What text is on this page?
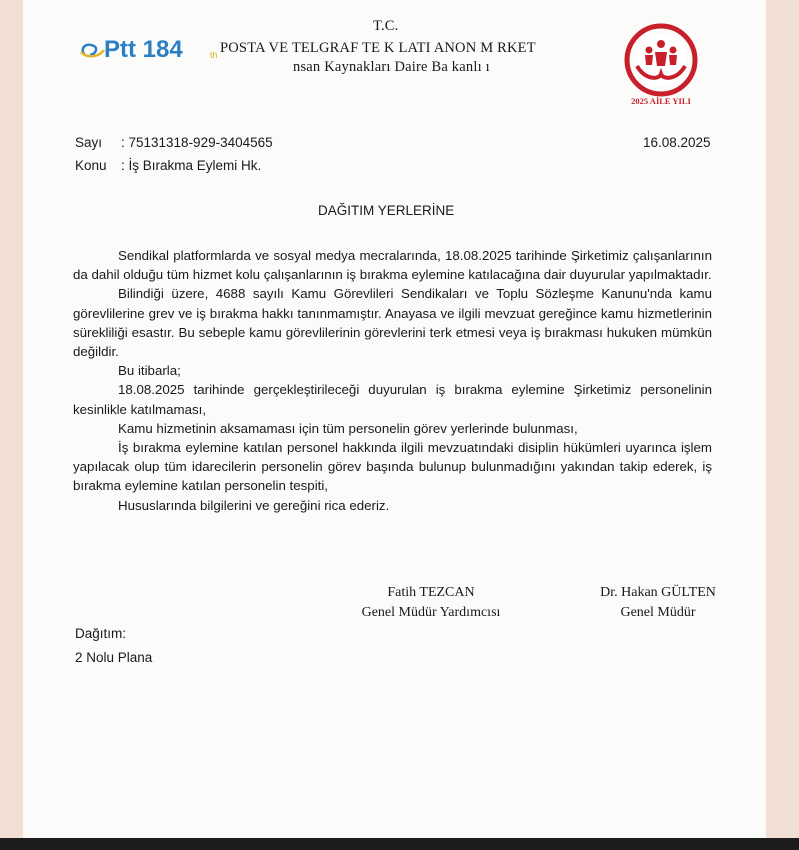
Ptt 184	th
T.C.
POSTA VE TELGRAF TE K LATI ANON M RKET
nsan Kaynakları Daire Ba kanlı ı
2025 AİLE YILI
Sayı : 75131318-929-3404565	16.08.2025
Konu : İş Bırakma Eylemi Hk.
DAĞITIM YERLERİNE

Sendikal platformlarda ve sosyal medya mecralarında, 18.08.2025 tarihinde Şirketimiz çalışanlarının da dahil olduğu tüm hizmet kolu çalışanlarının iş bırakma eylemine katılacağına dair duyurular yapılmaktadır.

Bilindiği üzere, 4688 sayılı Kamu Görevlileri Sendikaları ve Toplu Sözleşme Kanunu'nda kamu görevlilerine grev ve iş bırakma hakkı tanınmamıştır. Anayasa ve ilgili mevzuat gereğince kamu hizmetlerinin sürekliliği esastır. Bu sebeple kamu görevlilerinin görevlerini terk etmesi veya iş bırakması hukuken mümkün değildir.

Bu itibarla;

18.08.2025 tarihinde gerçekleştirileceği duyurulan iş bırakma eylemine Şirketimiz personelinin kesinlikle katılmaması,

Kamu hizmetinin aksamaması için tüm personelin görev yerlerinde bulunması,

İş bırakma eylemine katılan personel hakkında ilgili mevzuatındaki disiplin hükümleri uyarınca işlem yapılacak olup tüm idarecilerin personelin görev başında bulunup bulunmadığını yakından takip ederek, iş bırakma eylemine katılan personelin tespiti,

Hususlarında bilgilerini ve gereğini rica ederiz.

Fatih TEZCAN
Genel Müdür Yardımcısı
Dr. Hakan GÜLTEN
Genel Müdür
Dağıtım:
2 Nolu Plana
